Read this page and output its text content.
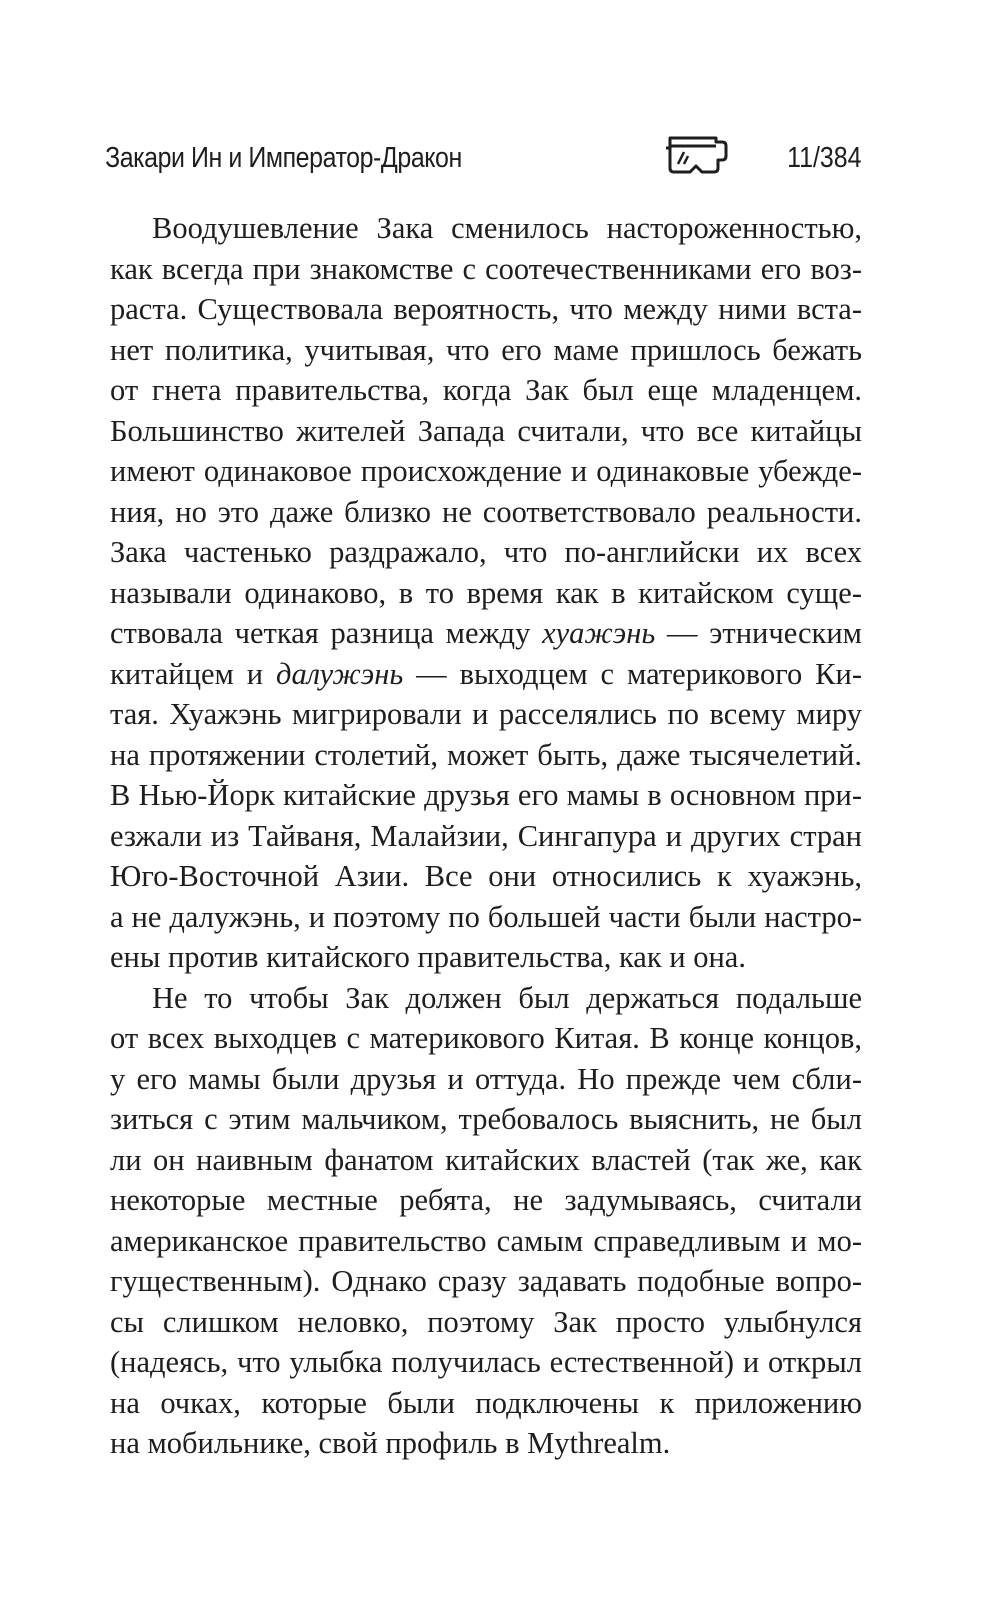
Закари Ин и Император-Дракон	11/384

Воодушевление Зака сменилось настороженностью,
как всегда при знакомстве с соотечественниками его воз-
раста. Существовала вероятность, что между ними вста-
нет политика, учитывая, что его маме пришлось бежать
от гнета правительства, когда Зак был еще младенцем.
Большинство жителей Запада считали, что все китайцы
имеют одинаковое происхождение и одинаковые убежде-
ния, но это даже близко не соответствовало реальности.
Зака частенько раздражало, что по-английски их всех
называли одинаково, в то время как в китайском суще-
ствовала четкая разница между хуажэнь — этническим
китайцем и далужэнь — выходцем с материкового Ки-
тая. Хуажэнь мигрировали и расселялись по всему миру
на протяжении столетий, может быть, даже тысячелетий.
В Нью-Йорк китайские друзья его мамы в основном при-
езжали из Тайваня, Малайзии, Сингапура и других стран
Юго-Восточной Азии. Все они относились к хуажэнь,
а не далужэнь, и поэтому по большей части были настро-
ены против китайского правительства, как и она.

Не то чтобы Зак должен был держаться подальше
от всех выходцев с материкового Китая. В конце концов,
у его мамы были друзья и оттуда. Но прежде чем сбли-
зиться с этим мальчиком, требовалось выяснить, не был
ли он наивным фанатом китайских властей (так же, как
некоторые местные ребята, не задумываясь, считали
американское правительство самым справедливым и мо-
гущественным). Однако сразу задавать подобные вопро-
сы слишком неловко, поэтому Зак просто улыбнулся
(надеясь, что улыбка получилась естественной) и открыл
на очках, которые были подключены к приложению
на мобильнике, свой профиль в Mythrealm.
